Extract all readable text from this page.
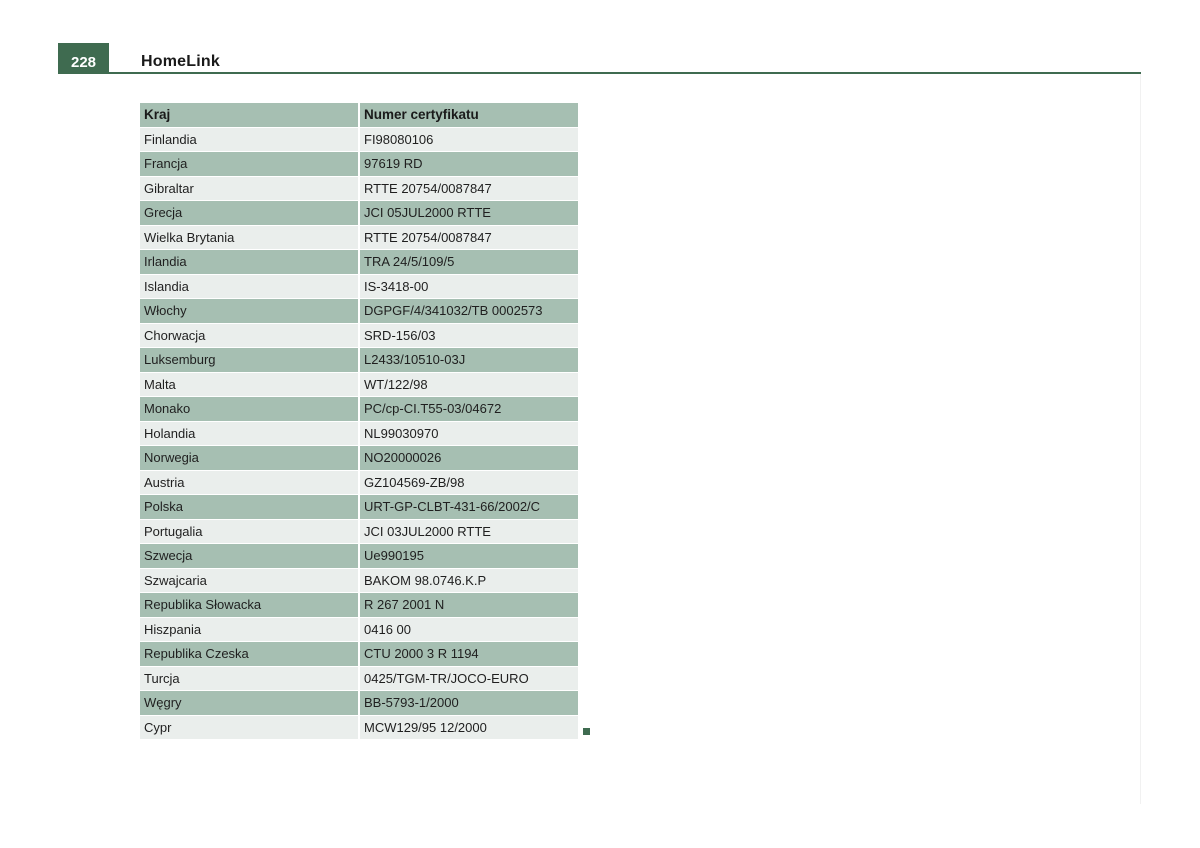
228	HomeLink
Kraj	Numer certyfikatu
Finlandia	FI98080106
Francja	97619 RD
Gibraltar	RTTE 20754/0087847
Grecja	JCI 05JUL2000 RTTE
Wielka Brytania	RTTE 20754/0087847
Irlandia	TRA 24/5/109/5
Islandia	IS-3418-00
Włochy	DGPGF/4/341032/TB 0002573
Chorwacja	SRD-156/03
Luksemburg	L2433/10510-03J
Malta	WT/122/98
Monako	PC/cp-CI.T55-03/04672
Holandia	NL99030970
Norwegia	NO20000026
Austria	GZ104569-ZB/98
Polska	URT-GP-CLBT-431-66/2002/C
Portugalia	JCI 03JUL2000 RTTE
Szwecja	Ue990195
Szwajcaria	BAKOM 98.0746.K.P
Republika Słowacka	R 267 2001 N
Hiszpania	0416 00
Republika Czeska	CTU 2000 3 R 1194
Turcja	0425/TGM-TR/JOCO-EURO
Węgry	BB-5793-1/2000
Cypr	MCW129/95 12/2000
